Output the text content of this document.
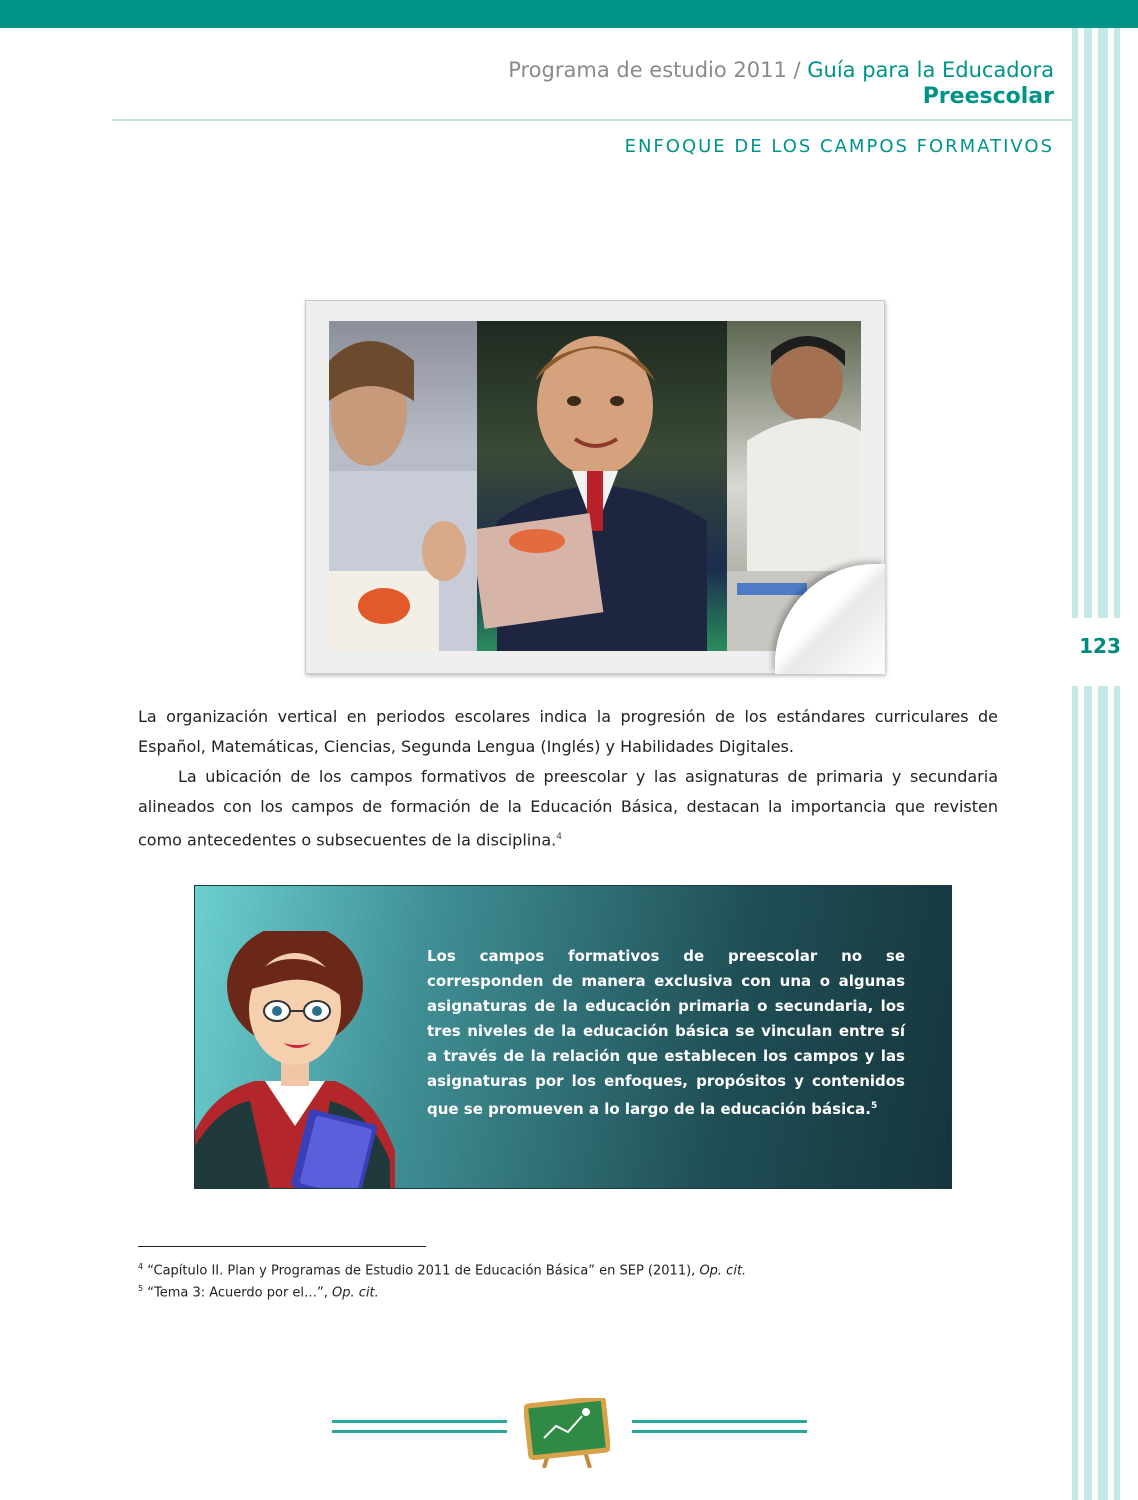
123
Programa de estudio 2011 / Guía para la Educadora
Preescolar
ENFOQUE DE LOS CAMPOS FORMATIVOS

La organización vertical en periodos escolares indica la progresión de los estándares curriculares de Español, Matemáticas, Ciencias, Segunda Lengua (Inglés) y Habilidades Digitales.

La ubicación de los campos formativos de preescolar y las asignaturas de primaria y secundaria alineados con los campos de formación de la Educación Básica, destacan la importancia que revisten como antecedentes o subsecuentes de la disciplina.$^4$

Los campos formativos de preescolar no se corresponden de manera exclusiva con una o algunas asignaturas de la educación primaria o secundaria, los tres niveles de la educación básica se vinculan entre sí a través de la relación que establecen los campos y las asignaturas por los enfoques, propósitos y contenidos que se promueven a lo largo de la educación básica.$^5$

$^4$ “Capítulo II. Plan y Programas de Estudio 2011 de Educación Básica” en SEP (2011), Op. cit.

$^5$ “Tema 3: Acuerdo por el…”, Op. cit.
